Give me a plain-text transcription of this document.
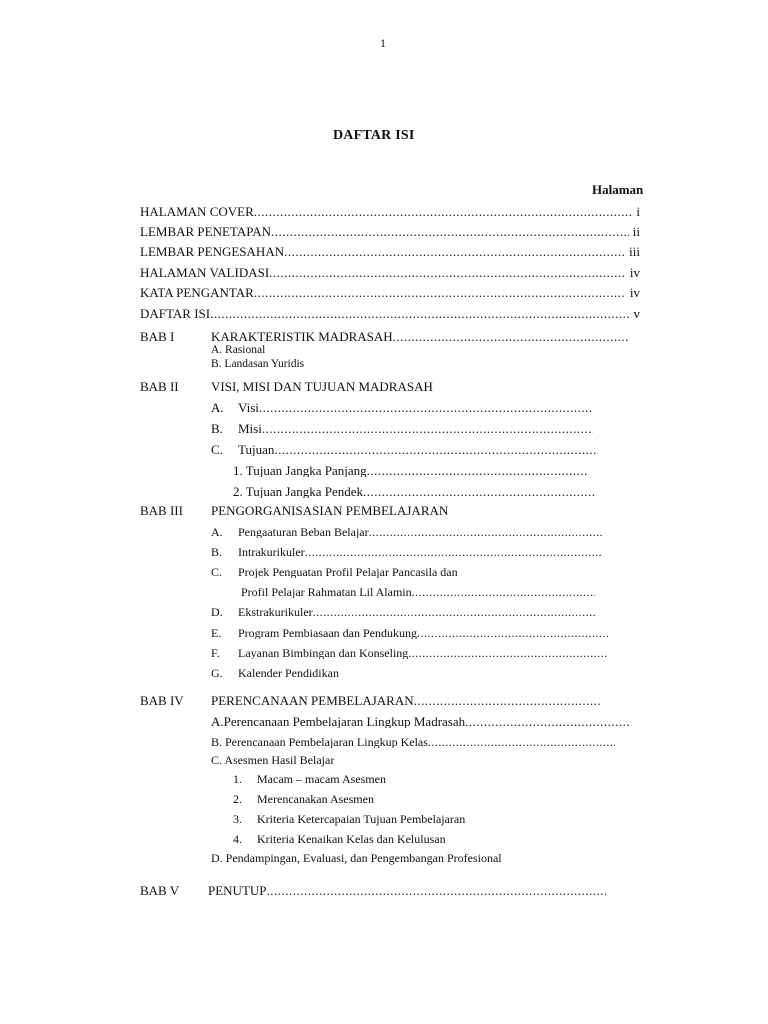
1
DAFTAR ISI
Halaman
HALAMAN COVER .....	i
LEMBAR PENETAPAN .....	ii
LEMBAR PENGESAHAN .....	iii
HALAMAN VALIDASI .....	iv
KATA PENGANTAR .....	iv
DAFTAR ISI .....	v
BAB I	KARAKTERISTIK MADRASAH
.....
A. Rasional
B. Landasan Yuridis
BAB II VISI, MISI DAN TUJUAN MADRASAH
A.	Visi
.....
B.	Misi
.....
C.	Tujuan
.....
1. Tujuan Jangka Panjang
.....
2. Tujuan Jangka Pendek
.....
BAB III PENGORGANISASIAN PEMBELAJARAN
A.	Pengaaturan Beban Belajar
.....
B.	Intrakurikuler
.....
C.	Projek Penguatan Profil Pelajar Pancasila dan
Profil Pelajar Rahmatan Lil Alamin
.....
D.	Ekstrakurikuler
.....
E.	Program Pembiasaan dan Pendukung
.....
F.	Layanan Bimbingan dan Konseling
.....
G.	Kalender Pendidikan
BAB IV PERENCANAAN PEMBELAJARAN
.....
A.Perencanaan Pembelajaran Lingkup Madrasah
.....
B. Perencanaan Pembelajaran Lingkup Kelas
.....
C. Asesmen Hasil Belajar
1. Macam – macam Asesmen
2. Merencanakan Asesmen
3. Kriteria Ketercapaian Tujuan Pembelajaran
4. Kriteria Kenaikan Kelas dan Kelulusan
D. Pendampingan, Evaluasi, dan Pengembangan Profesional
BAB V PENUTUP
.....
